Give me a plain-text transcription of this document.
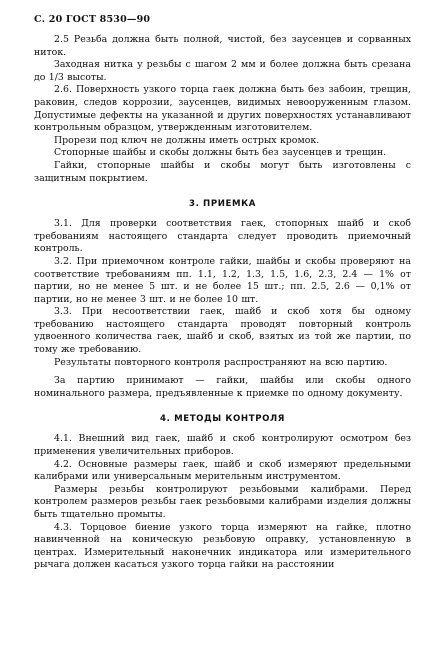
С. 20 ГОСТ 8530—90

2.5 Резьба должна быть полной, чистой, без заусенцев и сорванных ниток.

Заходная нитка у резьбы с шагом 2 мм и более должна быть срезана до 1/3 высоты.

2.6. Поверхность узкого торца гаек должна быть без забоин, трещин, раковин, следов коррозии, заусенцев, видимых невооруженным глазом. Допустимые дефекты на указанной и других поверхностях устанавливают контрольным образцом, утвержденным изготовителем.

Прорези под ключ не должны иметь острых кромок.

Стопорные шайбы и скобы должны быть без заусенцев и трещин.

Гайки, стопорные шайбы и скобы могут быть изготовлены с защитным покрытием.

3. ПРИЕМКА

3.1. Для проверки соответствия гаек, стопорных шайб и скоб требованиям настоящего стандарта следует проводить приемочный контроль.

3.2. При приемочном контроле гайки, шайбы и скобы проверяют на соответствие требованиям пп. 1.1, 1.2, 1.3, 1.5, 1.6, 2.3, 2.4 — 1% от партии, но не менее 5 шт. и не более 15 шт.; пп. 2.5, 2.6 — 0,1% от партии, но не менее 3 шт. и не более 10 шт.

3.3. При несоответствии гаек, шайб и скоб хотя бы одному требованию настоящего стандарта проводят повторный контроль удвоенного количества гаек, шайб и скоб, взятых из той же партии, по тому же требованию.

Результаты повторного контроля распространяют на всю партию.

За партию принимают — гайки, шайбы или скобы одного номинального размера, предъявленные к приемке по одному документу.

4. МЕТОДЫ КОНТРОЛЯ

4.1. Внешний вид гаек, шайб и скоб контролируют осмотром без применения увеличительных приборов.

4.2. Основные размеры гаек, шайб и скоб измеряют предельными калибрами или универсальным мерительным инструментом.

Размеры резьбы контролируют резьбовыми калибрами. Перед контролем размеров резьбы гаек резьбовыми калибрами изделия должны быть тщательно промыты.

4.3. Торцовое биение узкого торца измеряют на гайке, плотно навинченной на коническую резьбовую оправку, установленную в центрах. Измерительный наконечник индикатора или измерительного рычага должен касаться узкого торца гайки на расстоянии
